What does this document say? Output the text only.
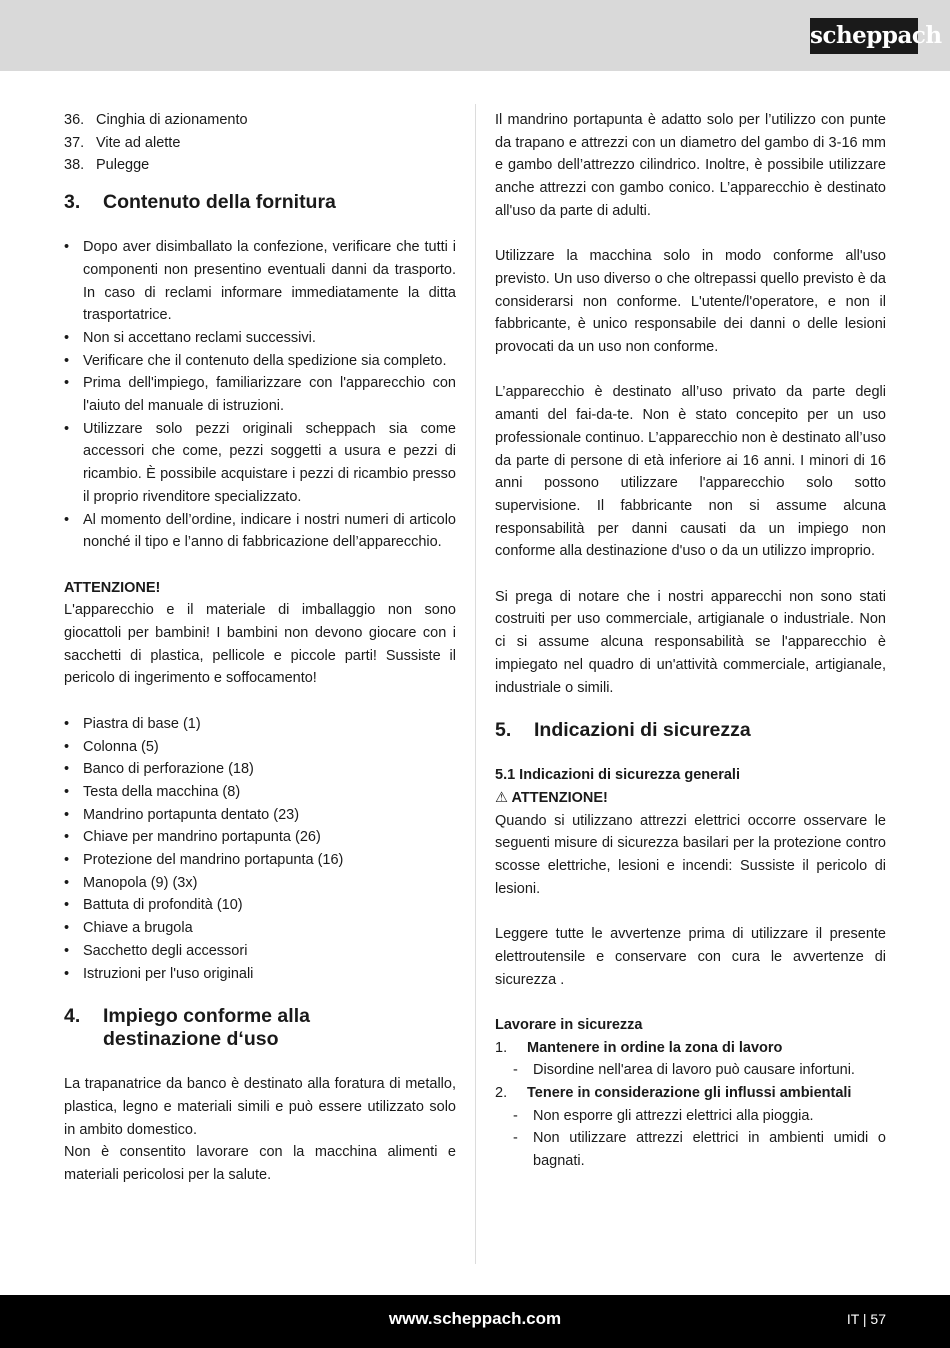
scheppach
36. Cinghia di azionamento
37. Vite ad alette
38. Pulegge
3.	Contenuto della fornitura
• Dopo aver disimballato la confezione, verificare che tutti i componenti non presentino eventuali danni da trasporto. In caso di reclami informare immediatamente la ditta trasportatrice.
• Non si accettano reclami successivi.
• Verificare che il contenuto della spedizione sia completo.
• Prima dell'impiego, familiarizzare con l'apparecchio con l'aiuto del manuale di istruzioni.
• Utilizzare solo pezzi originali scheppach sia come accessori che come, pezzi soggetti a usura e pezzi di ricambio. È possibile acquistare i pezzi di ricambio presso il proprio rivenditore specializzato.
• Al momento dell’ordine, indicare i nostri numeri di articolo nonché il tipo e l’anno di fabbricazione dell’apparecchio.

ATTENZIONE!

L'apparecchio e il materiale di imballaggio non sono giocattoli per bambini! I bambini non devono giocare con i sacchetti di plastica, pellicole e piccole parti! Sussiste il pericolo di ingerimento e soffocamento!

• Piastra di base (1)
• Colonna (5)
• Banco di perforazione (18)
• Testa della macchina (8)
• Mandrino portapunta dentato (23)
• Chiave per mandrino portapunta (26)
• Protezione del mandrino portapunta (16)
• Manopola (9) (3x)
• Battuta di profondità (10)
• Chiave a brugola
• Sacchetto degli accessori
• Istruzioni per l'uso originali
4.	Impiego conforme alla
destinazione d‘uso

La trapanatrice da banco è destinato alla foratura di metallo, plastica, legno e materiali simili e può essere utilizzato solo in ambito domestico.

Non è consentito lavorare con la macchina alimenti e materiali pericolosi per la salute.

Il mandrino portapunta è adatto solo per l’utilizzo con punte da trapano e attrezzi con un diametro del gambo di 3-16 mm e gambo dell’attrezzo cilindrico. Inoltre, è possibile utilizzare anche attrezzi con gambo conico. L’apparecchio è destinato all'uso da parte di adulti.

Utilizzare la macchina solo in modo conforme all'uso previsto. Un uso diverso o che oltrepassi quello previsto è da considerarsi non conforme. L'utente/l'operatore, e non il fabbricante, è unico responsabile dei danni o delle lesioni provocati da un uso non conforme.

L’apparecchio è destinato all’uso privato da parte degli amanti del fai-da-te. Non è stato concepito per un uso professionale continuo. L’apparecchio non è destinato all’uso da parte di persone di età inferiore ai 16 anni. I minori di 16 anni possono utilizzare l'apparecchio solo sotto supervisione. Il fabbricante non si assume alcuna responsabilità per danni causati da un impiego non conforme alla destinazione d'uso o da un utilizzo improprio.

Si prega di notare che i nostri apparecchi non sono stati costruiti per uso commerciale, artigianale o industriale. Non ci si assume alcuna responsabilità se l'apparecchio è impiegato nel quadro di un'attività commerciale, artigianale, industriale o simili.

5.	Indicazioni di sicurezza

5.1 Indicazioni di sicurezza generali

⚠ ATTENZIONE!

Quando si utilizzano attrezzi elettrici occorre osservare le seguenti misure di sicurezza basilari per la protezione contro scosse elettriche, lesioni e incendi: Sussiste il pericolo di lesioni.

Leggere tutte le avvertenze prima di utilizzare il presente elettroutensile e conservare con cura le avvertenze di sicurezza .

Lavorare in sicurezza

1.	Mantenere in ordine la zona di lavoro
- Disordine nell'area di lavoro può causare infortuni.
2.	Tenere in considerazione gli influssi ambientali
- Non esporre gli attrezzi elettrici alla pioggia.
- Non utilizzare attrezzi elettrici in ambienti umidi o bagnati.
www.scheppach.com	IT | 57
